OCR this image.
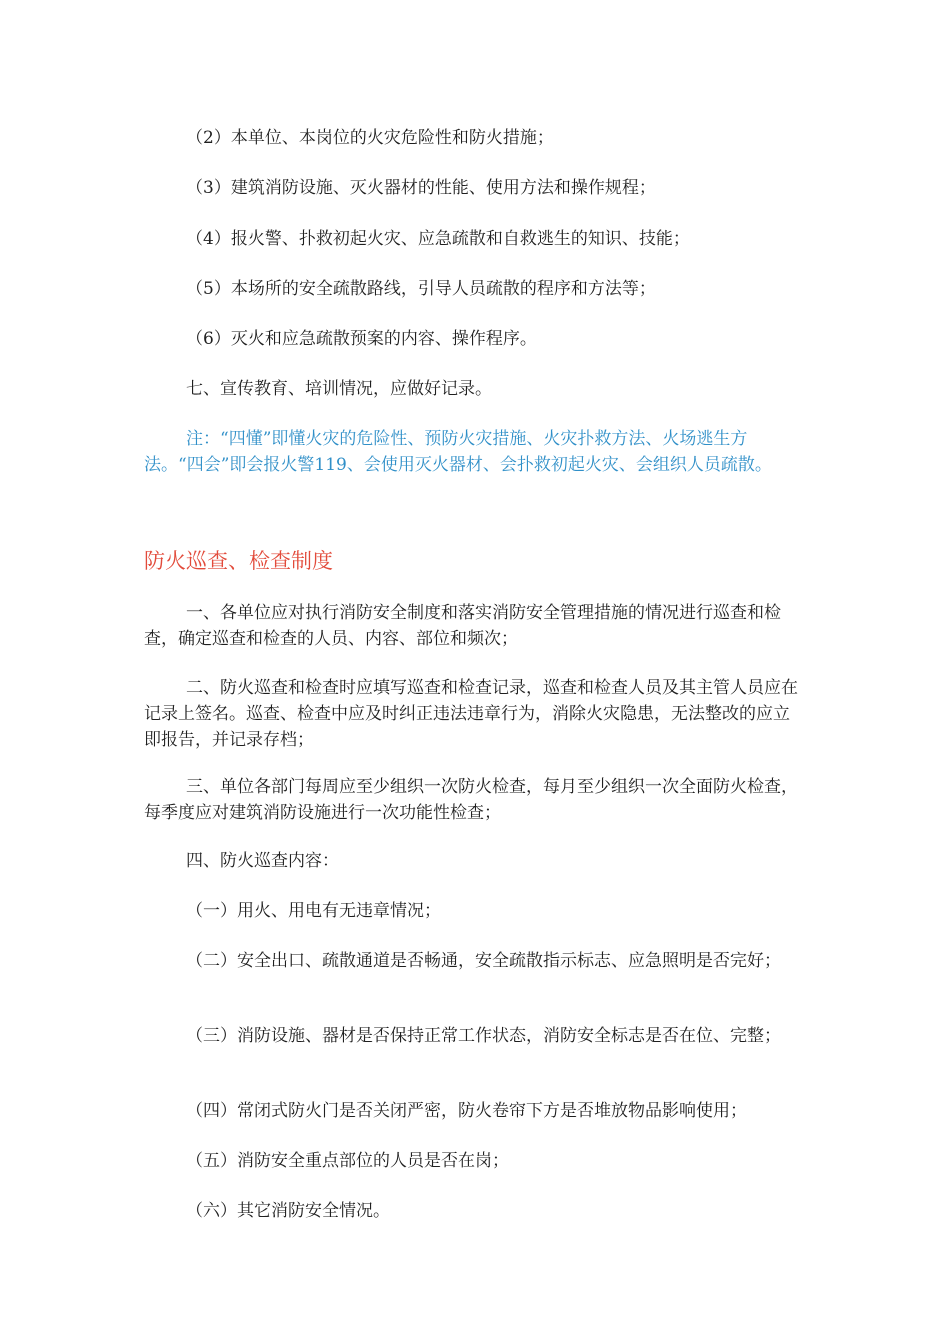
（2）本单位、本岗位的火灾危险性和防火措施；

（3）建筑消防设施、灭火器材的性能、使用方法和操作规程；

（4）报火警、扑救初起火灾、应急疏散和自救逃生的知识、技能；

（5）本场所的安全疏散路线，引导人员疏散的程序和方法等；

（6）灭火和应急疏散预案的内容、操作程序。

七、宣传教育、培训情况，应做好记录。

注：“四懂”即懂火灾的危险性、预防火灾措施、火灾扑救方法、火场逃生方法。“四会”即会报火警119、会使用灭火器材、会扑救初起火灾、会组织人员疏散。

防火巡查、检查制度

一、各单位应对执行消防安全制度和落实消防安全管理措施的情况进行巡查和检查，确定巡查和检查的人员、内容、部位和频次；

二、防火巡查和检查时应填写巡查和检查记录，巡查和检查人员及其主管人员应在记录上签名。巡查、检查中应及时纠正违法违章行为，消除火灾隐患，无法整改的应立即报告，并记录存档；

三、单位各部门每周应至少组织一次防火检查，每月至少组织一次全面防火检查，每季度应对建筑消防设施进行一次功能性检查；

四、防火巡查内容：

（一）用火、用电有无违章情况；

（二）安全出口、疏散通道是否畅通，安全疏散指示标志、应急照明是否完好；

（三）消防设施、器材是否保持正常工作状态，消防安全标志是否在位、完整；

（四）常闭式防火门是否关闭严密，防火卷帘下方是否堆放物品影响使用；

（五）消防安全重点部位的人员是否在岗；

（六）其它消防安全情况。
